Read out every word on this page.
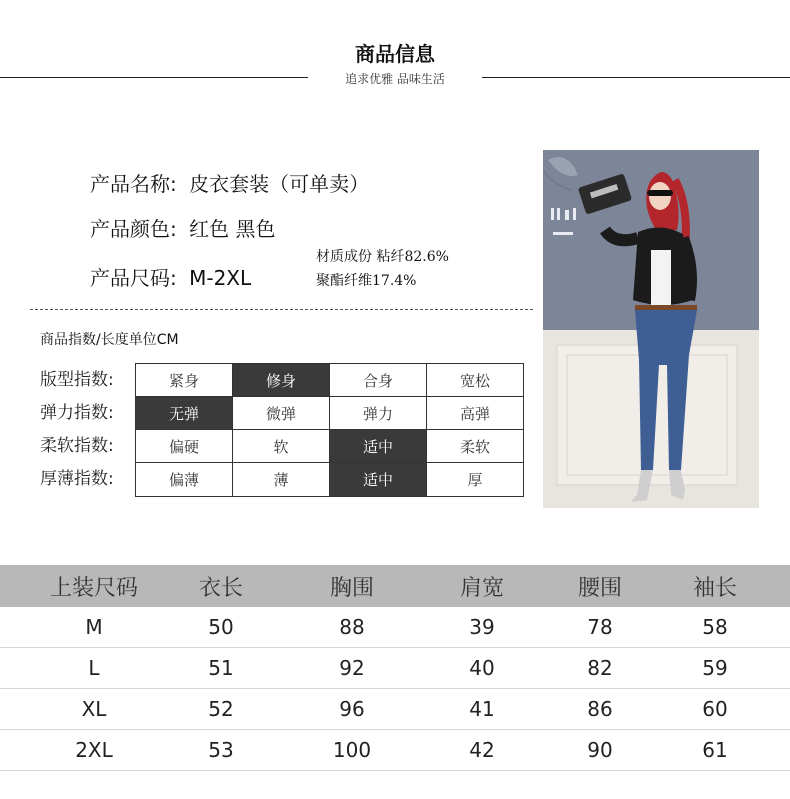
商品信息
追求优雅 品味生活
产品名称: 皮衣套装（可单卖）
产品颜色: 红色 黑色
产品尺码: M-2XL
材质成份 粘纤82.6%
聚酯纤维17.4%
商品指数/长度单位CM
版型指数:	紧身	修身	合身	宽松
弹力指数:	无弹	微弹	弹力	高弹
柔软指数:	偏硬	软	适中	柔软
厚薄指数:	偏薄	薄	适中	厚
上装尺码	衣长	胸围	肩宽	腰围	袖长
M	50	88	39	78	58
L	51	92	40	82	59
XL	52	96	41	86	60
2XL	53	100	42	90	61
